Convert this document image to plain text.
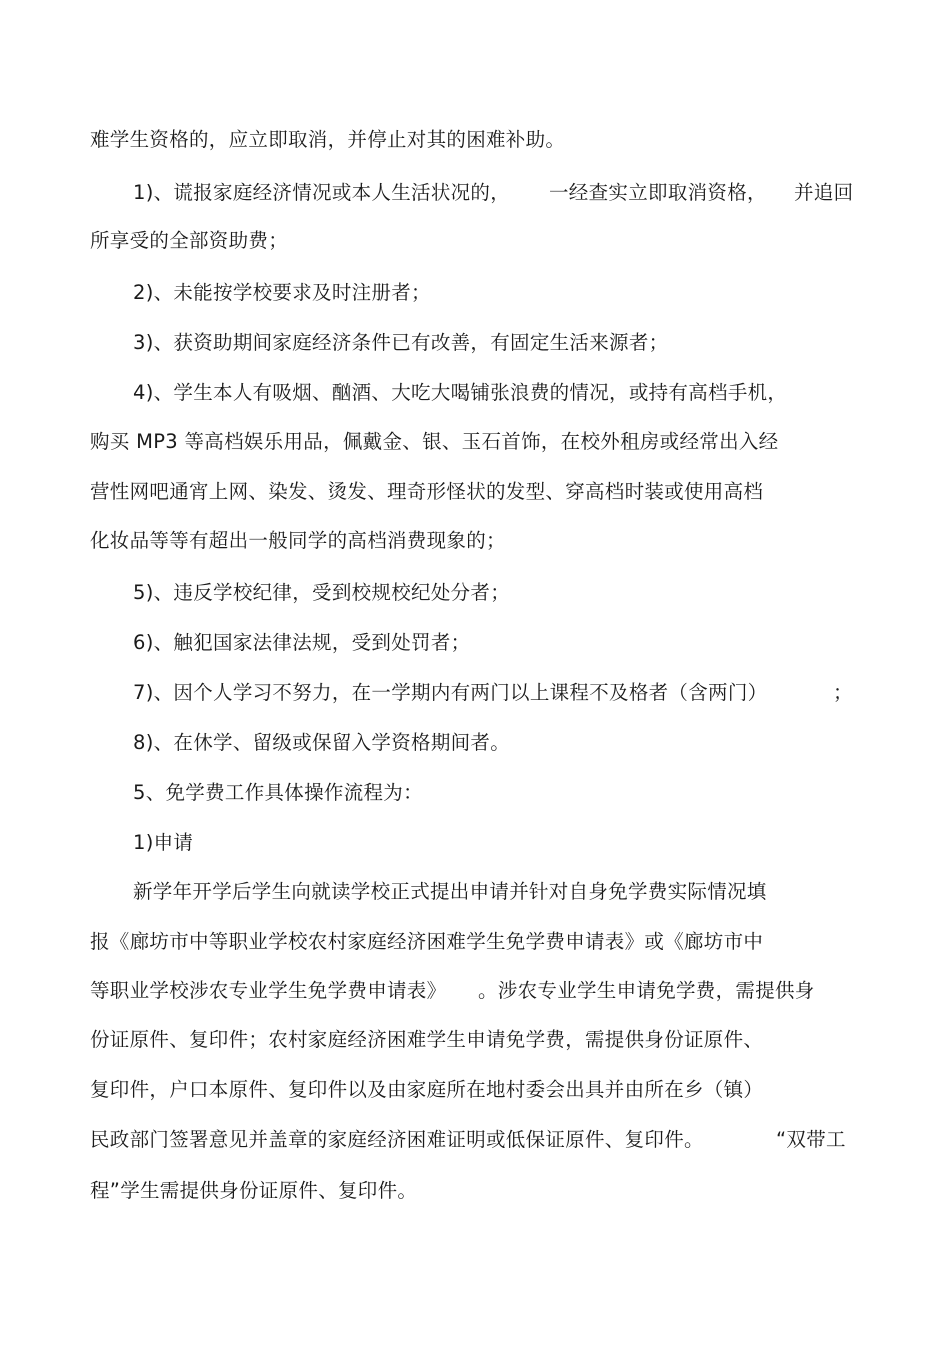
难学生资格的，应立即取消，并停止对其的困难补助。
1)、谎报家庭经济情况或本人生活状况的， 一经查实立即取消资格， 并追回
所享受的全部资助费；
2)、未能按学校要求及时注册者；
3)、获资助期间家庭经济条件已有改善，有固定生活来源者；
4)、学生本人有吸烟、酗酒、大吃大喝铺张浪费的情况，或持有高档手机，
购买 MP3 等高档娱乐用品，佩戴金、银、玉石首饰，在校外租房或经常出入经
营性网吧通宵上网、染发、烫发、理奇形怪状的发型、穿高档时装或使用高档
化妆品等等有超出一般同学的高档消费现象的；
5)、违反学校纪律，受到校规校纪处分者；
6)、触犯国家法律法规，受到处罚者；
7)、因个人学习不努力，在一学期内有两门以上课程不及格者（含两门）	；
8)、在休学、留级或保留入学资格期间者。
5、免学费工作具体操作流程为：
1)申请
新学年开学后学生向就读学校正式提出申请并针对自身免学费实际情况填
报《廊坊市中等职业学校农村家庭经济困难学生免学费申请表》或《廊坊市中
等职业学校涉农专业学生免学费申请表》 。涉农专业学生申请免学费，需提供身
份证原件、复印件；农村家庭经济困难学生申请免学费，需提供身份证原件、
复印件，户口本原件、复印件以及由家庭所在地村委会出具并由所在乡（镇）
民政部门签署意见并盖章的家庭经济困难证明或低保证原件、复印件。	“双带工
程”学生需提供身份证原件、复印件。
